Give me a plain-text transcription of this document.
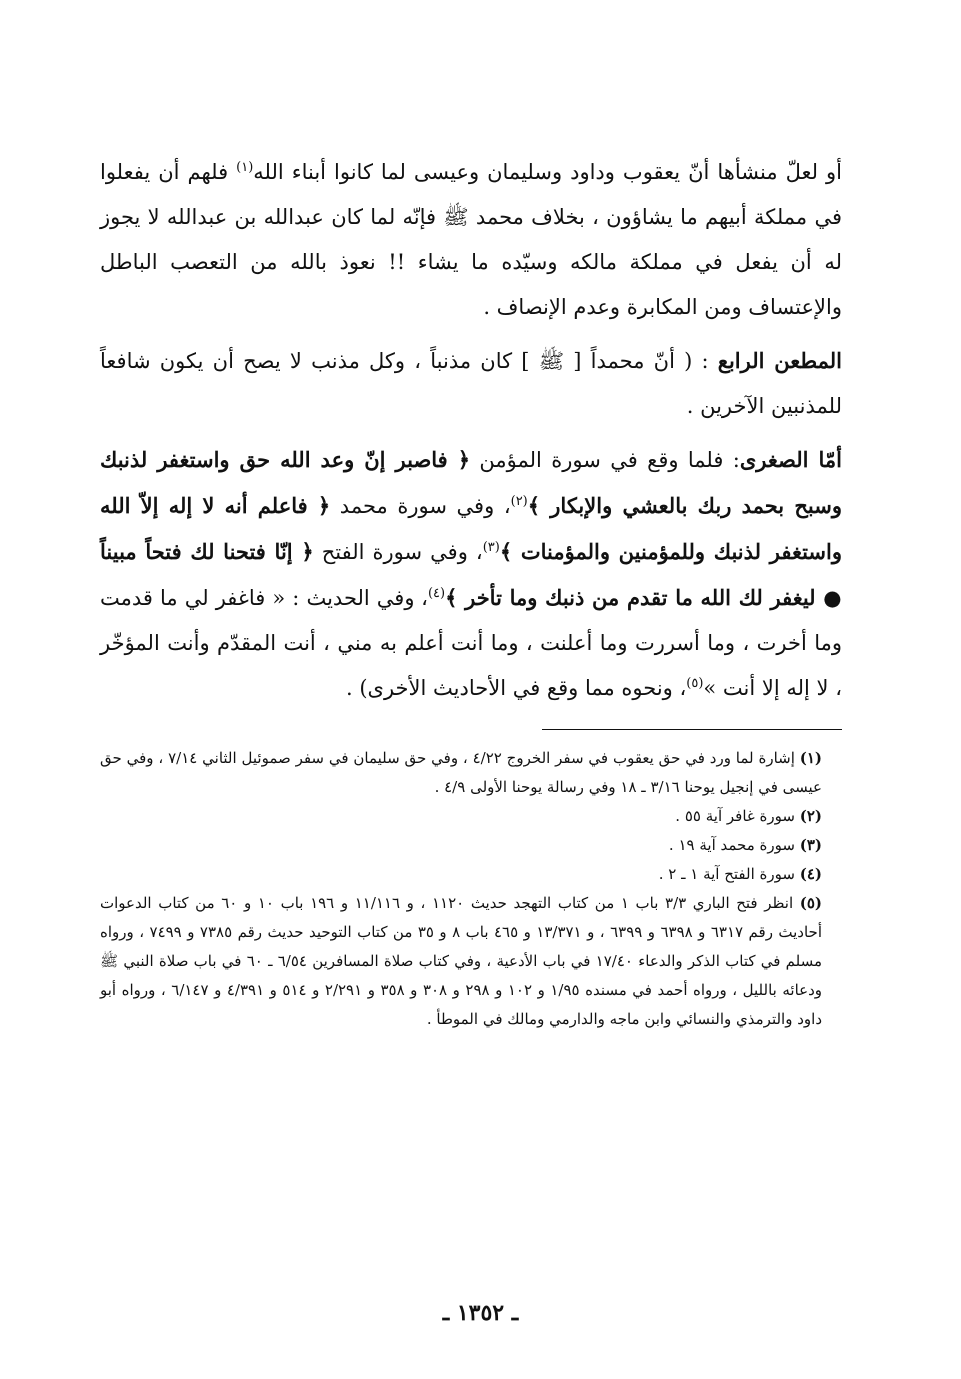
أو لعلّ منشأها أنّ يعقوب وداود وسليمان وعيسى لما كانوا أبناء الله$^{(١)}$ فلهم أن يفعلوا في مملكة أبيهم ما يشاؤون ، بخلاف محمد ﷺ فإنّه لما كان عبدالله بن عبدالله لا يجوز له أن يفعل في مملكة مالكه وسيّده ما يشاء !! نعوذ بالله من التعصب الباطل والإعتساف ومن المكابرة وعدم الإنصاف .

المطعن الرابع : ( أنّ محمداً [ ﷺ ] كان مذنباً ، وكل مذنب لا يصح أن يكون شافعاً للمذنبين الآخرين .

أمّا الصغرى: فلما وقع في سورة المؤمن ﴿ فاصبر إنّ وعد الله حق واستغفر لذنبك وسبح بحمد ربك بالعشي والإبكار ﴾$^{(٢)}$، وفي سورة محمد ﴿ فاعلم أنه لا إله إلاّ الله واستغفر لذنبك وللمؤمنين والمؤمنات ﴾$^{(٣)}$، وفي سورة الفتح ﴿ إنّا فتحنا لك فتحاً مبيناً ● ليغفر لك الله ما تقدم من ذنبك وما تأخر ﴾$^{(٤)}$، وفي الحديث : « فاغفر لي ما قدمت وما أخرت ، وما أسررت وما أعلنت ، وما أنت أعلم به مني ، أنت المقدّم وأنت المؤخّر ، لا إله إلا أنت »$^{(٥)}$، ونحوه مما وقع في الأحاديث الأخرى) .

(١) إشارة لما ورد في حق يعقوب في سفر الخروج ٤/٢٢ ، وفي حق سليمان في سفر صموئيل الثاني ٧/١٤ ، وفي حق عيسى في إنجيل يوحنا ٣/١٦ ـ ١٨ وفي رسالة يوحنا الأولى ٤/٩ .

(٢) سورة غافر آية ٥٥ .

(٣) سورة محمد آية ١٩ .

(٤) سورة الفتح آية ١ ـ ٢ .

(٥) انظر فتح الباري ٣/٣ باب ١ من كتاب التهجد حديث ١١٢٠ ، و ١١/١١٦ و ١٩٦ باب ١٠ و ٦٠ من كتاب الدعوات أحاديث رقم ٦٣١٧ و ٦٣٩٨ و ٦٣٩٩ ، و ١٣/٣٧١ و ٤٦٥ باب ٨ و ٣٥ من كتاب التوحيد حديث رقم ٧٣٨٥ و ٧٤٩٩ ، ورواه مسلم في كتاب الذكر والدعاء ١٧/٤٠ في باب الأدعية ، وفي كتاب صلاة المسافرين ٦/٥٤ ـ ٦٠ في باب صلاة النبي ﷺ ودعائه بالليل ، ورواه أحمد في مسنده ١/٩٥ و ١٠٢ و ٢٩٨ و ٣٠٨ و ٣٥٨ و ٢/٢٩١ و ٥١٤ و ٤/٣٩١ و ٦/١٤٧ ، ورواه أبو داود والترمذي والنسائي وابن ماجه والدارمي ومالك في الموطأ .

ـ ١٣٥٢ ـ
